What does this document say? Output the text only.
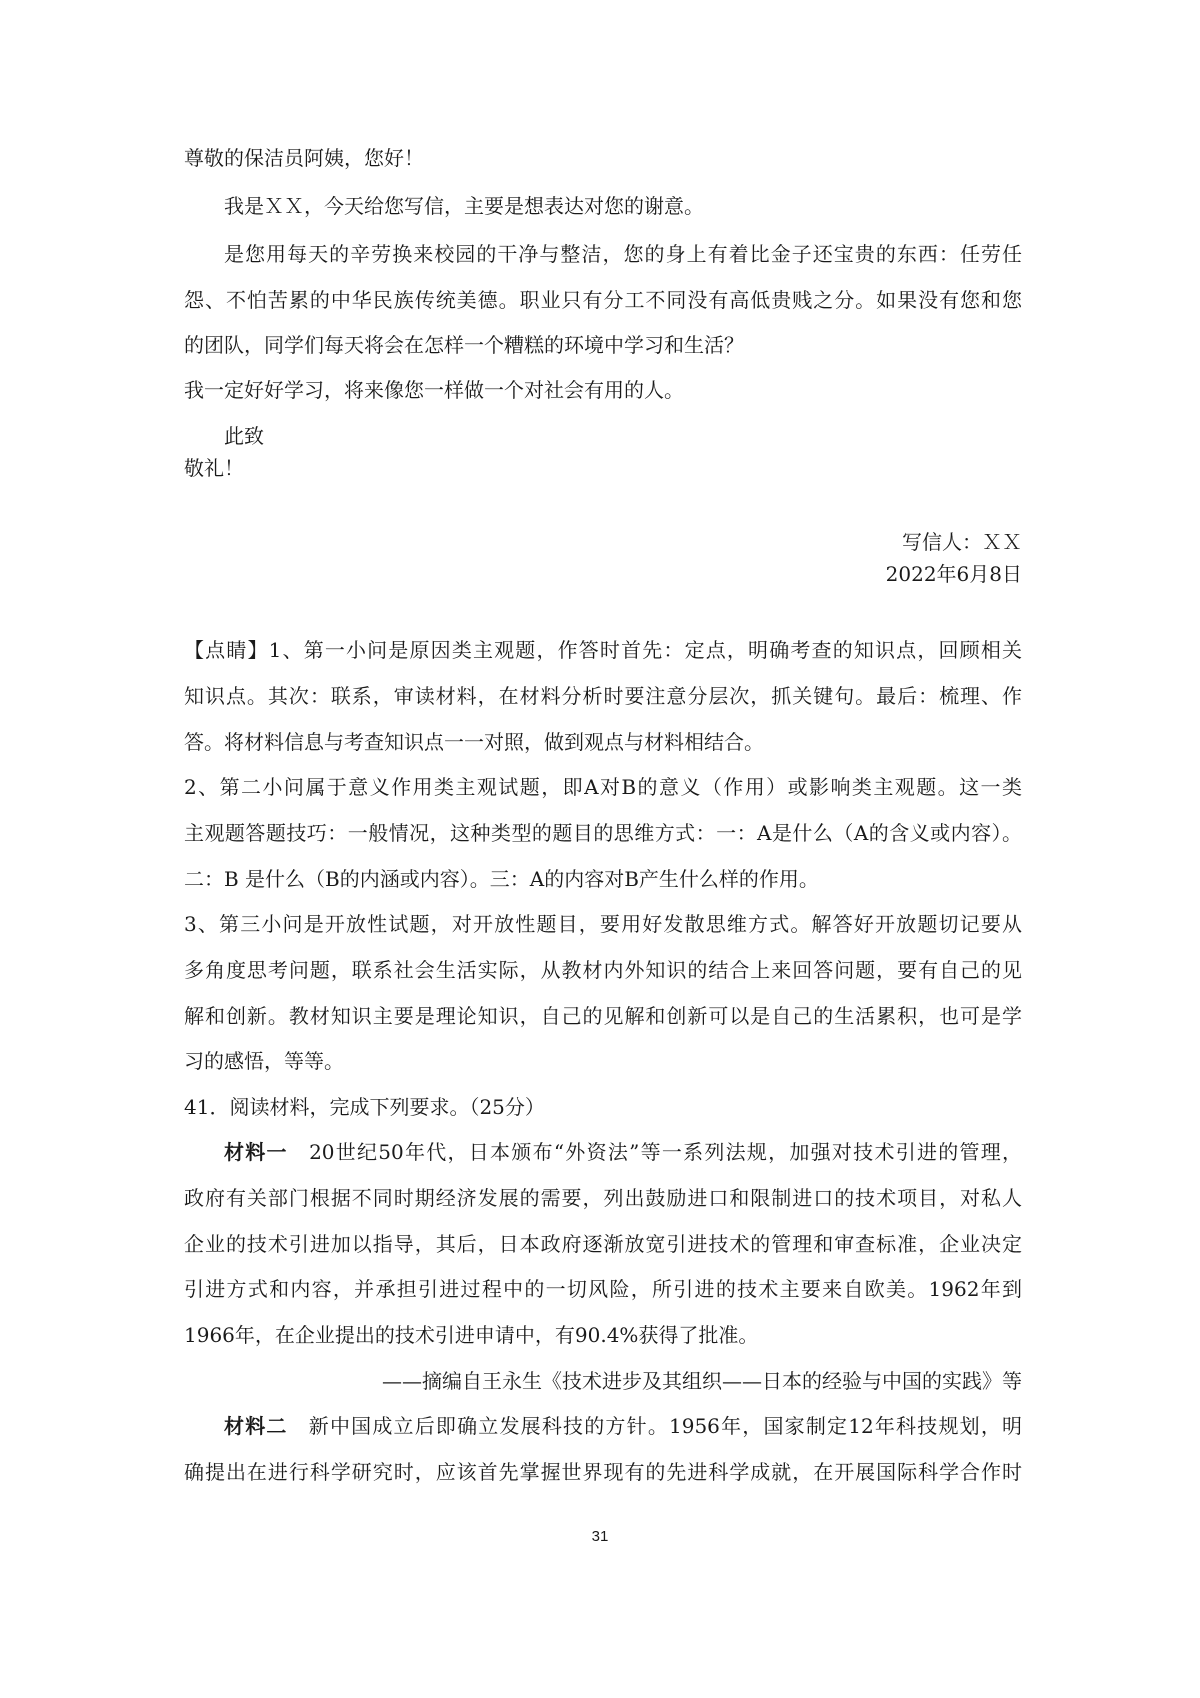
尊敬的保洁员阿姨，您好！
我是ＸＸ，今天给您写信，主要是想表达对您的谢意。
是您用每天的辛劳换来校园的干净与整洁，您的身上有着比金子还宝贵的东西：任劳任
怨、不怕苦累的中华民族传统美德。职业只有分工不同没有高低贵贱之分。如果没有您和您
的团队，同学们每天将会在怎样一个糟糕的环境中学习和生活？
我一定好好学习，将来像您一样做一个对社会有用的人。
此致
敬礼！
写信人：ＸＸ
2022年6月8日
【点睛】1、第一小问是原因类主观题，作答时首先：定点，明确考查的知识点，回顾相关
知识点。其次：联系，审读材料，在材料分析时要注意分层次，抓关键句。最后：梳理、作
答。将材料信息与考查知识点一一对照，做到观点与材料相结合。
2、第二小问属于意义作用类主观试题，即A对B的意义（作用）或影响类主观题。这一类
主观题答题技巧：一般情况，这种类型的题目的思维方式：一：A是什么（A的含义或内容）。
二：B 是什么（B的内涵或内容）。三：A的内容对B产生什么样的作用。
3、第三小问是开放性试题，对开放性题目，要用好发散思维方式。解答好开放题切记要从
多角度思考问题，联系社会生活实际，从教材内外知识的结合上来回答问题，要有自己的见
解和创新。教材知识主要是理论知识，自己的见解和创新可以是自己的生活累积，也可是学
习的感悟，等等。
41．阅读材料，完成下列要求。（25分）
材料一　 20世纪50年代，日本颁布“外资法”等一系列法规，加强对技术引进的管理，
政府有关部门根据不同时期经济发展的需要，列出鼓励进口和限制进口的技术项目，对私人
企业的技术引进加以指导，其后，日本政府逐渐放宽引进技术的管理和审查标准，企业决定
引进方式和内容，并承担引进过程中的一切风险，所引进的技术主要来自欧美。1962年到
1966年，在企业提出的技术引进申请中，有90.4%获得了批准。
——摘编自王永生《技术进步及其组织——日本的经验与中国的实践》等
材料二　 新中国成立后即确立发展科技的方针。1956年，国家制定12年科技规划，明
确提出在进行科学研究时，应该首先掌握世界现有的先进科学成就，在开展国际科学合作时
31
